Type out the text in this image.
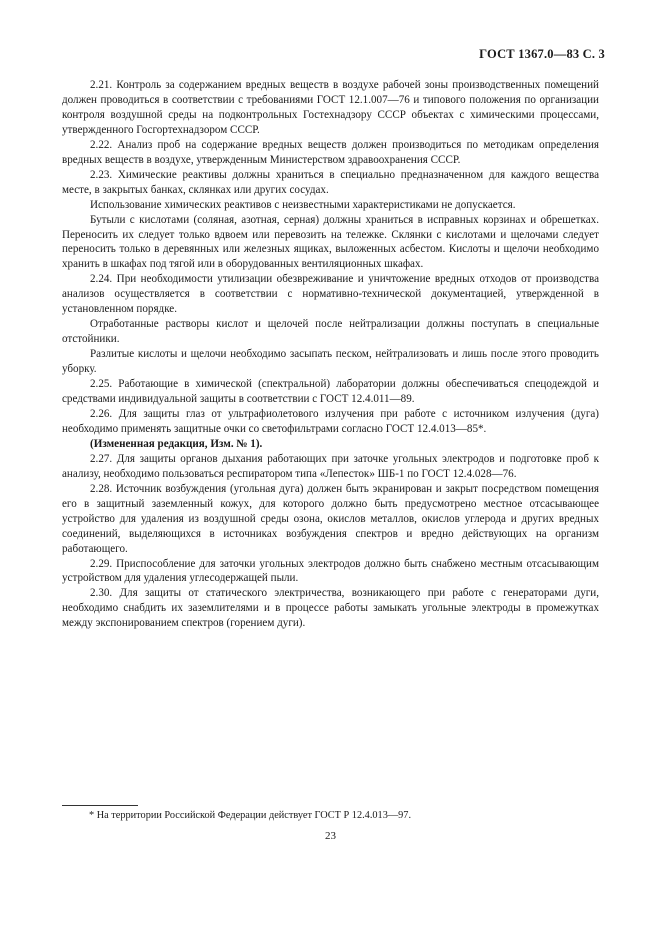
ГОСТ 1367.0—83 С. 3

2.21. Контроль за содержанием вредных веществ в воздухе рабочей зоны производственных помещений должен проводиться в соответствии с требованиями ГОСТ 12.1.007—76 и типового положения по организации контроля воздушной среды на подконтрольных Гостехнадзору СССР объектах с химическими процессами, утвержденного Госгортехнадзором СССР.

2.22. Анализ проб на содержание вредных веществ должен производиться по методикам определения вредных веществ в воздухе, утвержденным Министерством здравоохранения СССР.

2.23. Химические реактивы должны храниться в специально предназначенном для каждого вещества месте, в закрытых банках, склянках или других сосудах.

Использование химических реактивов с неизвестными характеристиками не допускается.

Бутыли с кислотами (соляная, азотная, серная) должны храниться в исправных корзинах и обрешетках. Переносить их следует только вдвоем или перевозить на тележке. Склянки с кислотами и щелочами следует переносить только в деревянных или железных ящиках, выложенных асбестом. Кислоты и щелочи необходимо хранить в шкафах под тягой или в оборудованных вентиляционных шкафах.

2.24. При необходимости утилизации обезвреживание и уничтожение вредных отходов от производства анализов осуществляется в соответствии с нормативно-технической документацией, утвержденной в установленном порядке.

Отработанные растворы кислот и щелочей после нейтрализации должны поступать в специальные отстойники.

Разлитые кислоты и щелочи необходимо засыпать песком, нейтрализовать и лишь после этого проводить уборку.

2.25. Работающие в химической (спектральной) лаборатории должны обеспечиваться спецодеждой и средствами индивидуальной защиты в соответствии с ГОСТ 12.4.011—89.

2.26. Для защиты глаз от ультрафиолетового излучения при работе с источником излучения (дуга) необходимо применять защитные очки со светофильтрами согласно ГОСТ 12.4.013—85*.

(Измененная редакция, Изм. № 1).

2.27. Для защиты органов дыхания работающих при заточке угольных электродов и подготовке проб к анализу, необходимо пользоваться респиратором типа «Лепесток» ШБ-1 по ГОСТ 12.4.028—76.

2.28. Источник возбуждения (угольная дуга) должен быть экранирован и закрыт посредством помещения его в защитный заземленный кожух, для которого должно быть предусмотрено местное отсасывающее устройство для удаления из воздушной среды озона, окислов металлов, окислов углерода и других вредных соединений, выделяющихся в источниках возбуждения спектров и вредно действующих на организм работающего.

2.29. Приспособление для заточки угольных электродов должно быть снабжено местным отсасывающим устройством для удаления углесодержащей пыли.

2.30. Для защиты от статического электричества, возникающего при работе с генераторами дуги, необходимо снабдить их заземлителями и в процессе работы замыкать угольные электроды в промежутках между экспонированием спектров (горением дуги).

* На территории Российской Федерации действует ГОСТ Р 12.4.013—97.
23
